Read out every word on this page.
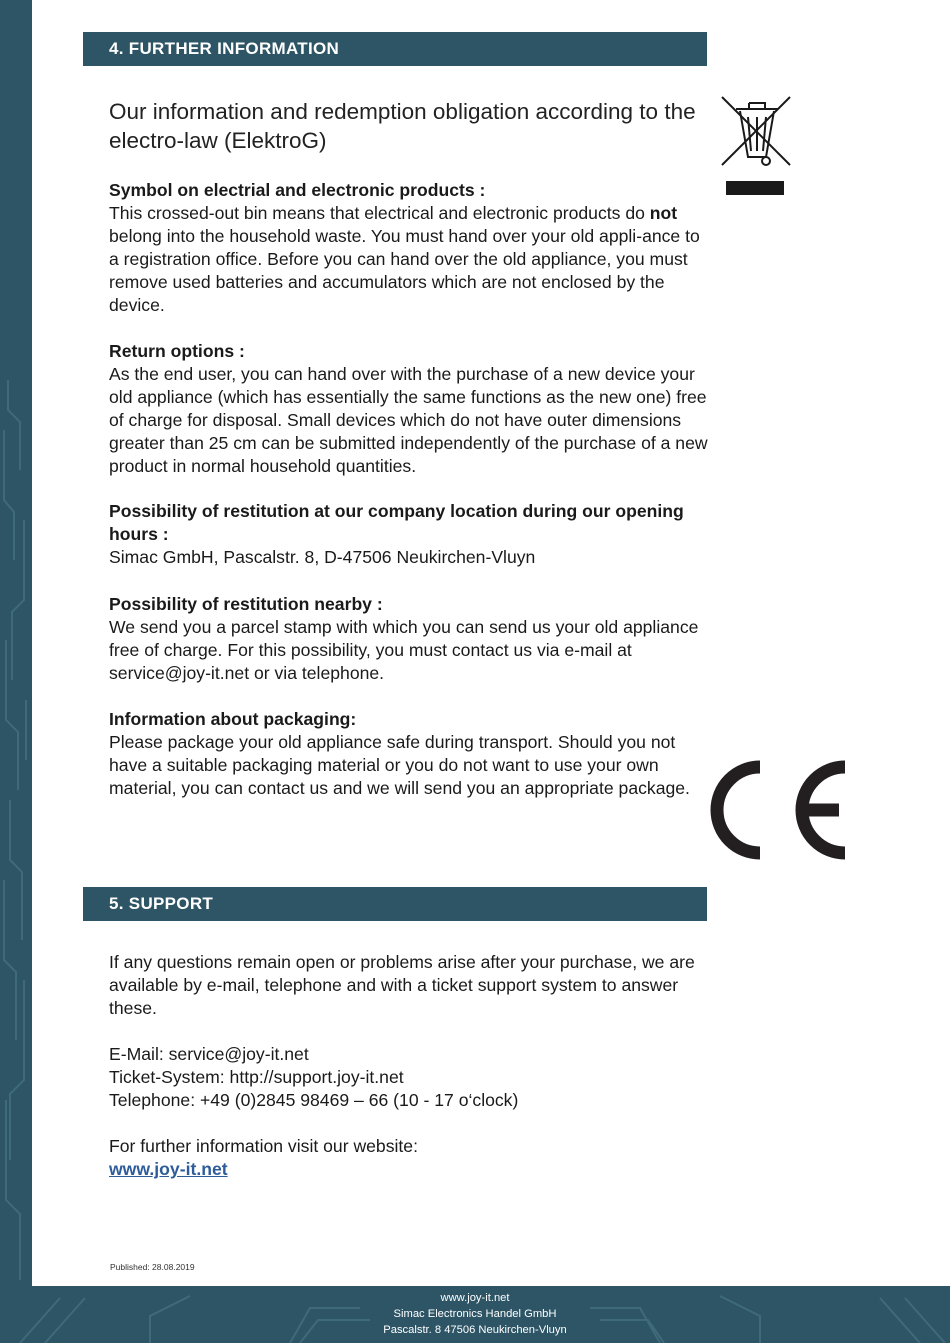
4. FURTHER INFORMATION
Our information and redemption obligation according to the electro-law (ElektroG)
Symbol on electrial and electronic products :
This crossed-out bin means that electrical and electronic products do not belong into the household waste. You must hand over your old appli-ance to a registration office. Before you can hand over the old appliance, you must remove used batteries and accumulators which are not enclosed by the device.
Return options :
As the end user, you can hand over with the purchase of a new device your old appliance (which has essentially the same functions as the new one) free of charge for disposal. Small devices which do not have outer dimensions greater than 25 cm can be submitted independently of the purchase of a new product in normal household quantities.
Possibility of restitution at our company location during our opening hours :
Simac GmbH, Pascalstr. 8, D-47506 Neukirchen-Vluyn
Possibility of restitution nearby :
We send you a parcel stamp with which you can send us your old appliance free of charge. For this possibility, you must contact us via e-mail at service@joy-it.net or via telephone.
Information about packaging:
Please package your old appliance safe during transport. Should you not have a suitable packaging material or you do not want to use your own material, you can contact us and we will send you an appropriate package.
5. SUPPORT
If any questions remain open or problems arise after your purchase, we are available by e-mail, telephone and with a ticket support system to answer these.
E-Mail: service@joy-it.net
Ticket-System: http://support.joy-it.net
Telephone: +49 (0)2845 98469 – 66 (10 - 17 o‘clock)
For further information visit our website:
www.joy-it.net
Published: 28.08.2019
www.joy-it.net
Simac Electronics Handel GmbH
Pascalstr. 8 47506 Neukirchen-Vluyn
